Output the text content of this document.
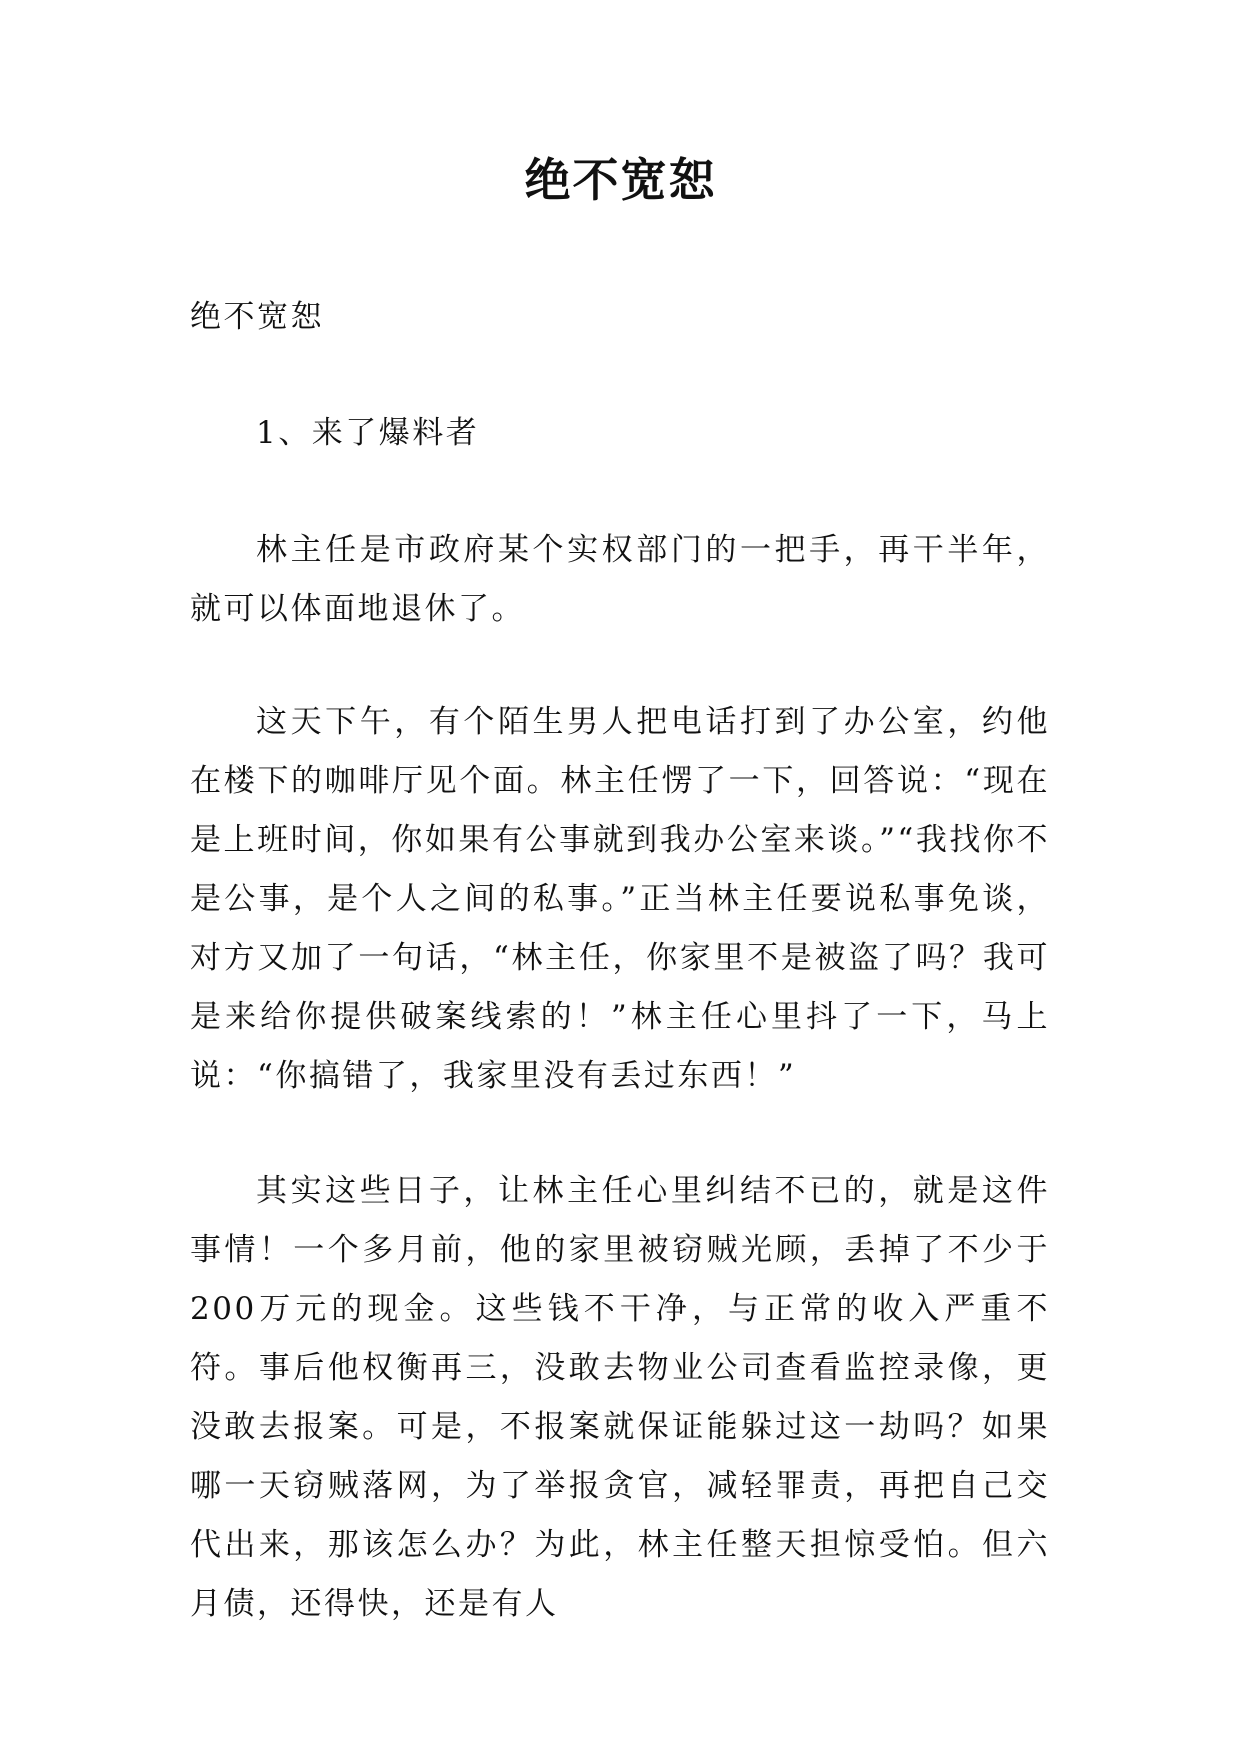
绝不宽恕
绝不宽恕
1、来了爆料者
林主任是市政府某个实权部门的一把手，再干半年，就可以体面地退休了。
这天下午，有个陌生男人把电话打到了办公室，约他在楼下的咖啡厅见个面。林主任愣了一下，回答说：“现在是上班时间，你如果有公事就到我办公室来谈。”“我找你不是公事，是个人之间的私事。”正当林主任要说私事免谈，对方又加了一句话，“林主任，你家里不是被盗了吗？我可是来给你提供破案线索的！”林主任心里抖了一下，马上说：“你搞错了，我家里没有丢过东西！”
其实这些日子，让林主任心里纠结不已的，就是这件事情！一个多月前，他的家里被窃贼光顾，丢掉了不少于200万元的现金。这些钱不干净，与正常的收入严重不符。事后他权衡再三，没敢去物业公司查看监控录像，更没敢去报案。可是，不报案就保证能躲过这一劫吗？如果哪一天窃贼落网，为了举报贪官，减轻罪责，再把自己交代出来，那该怎么办？为此，林主任整天担惊受怕。但六月债，还得快，还是有人
